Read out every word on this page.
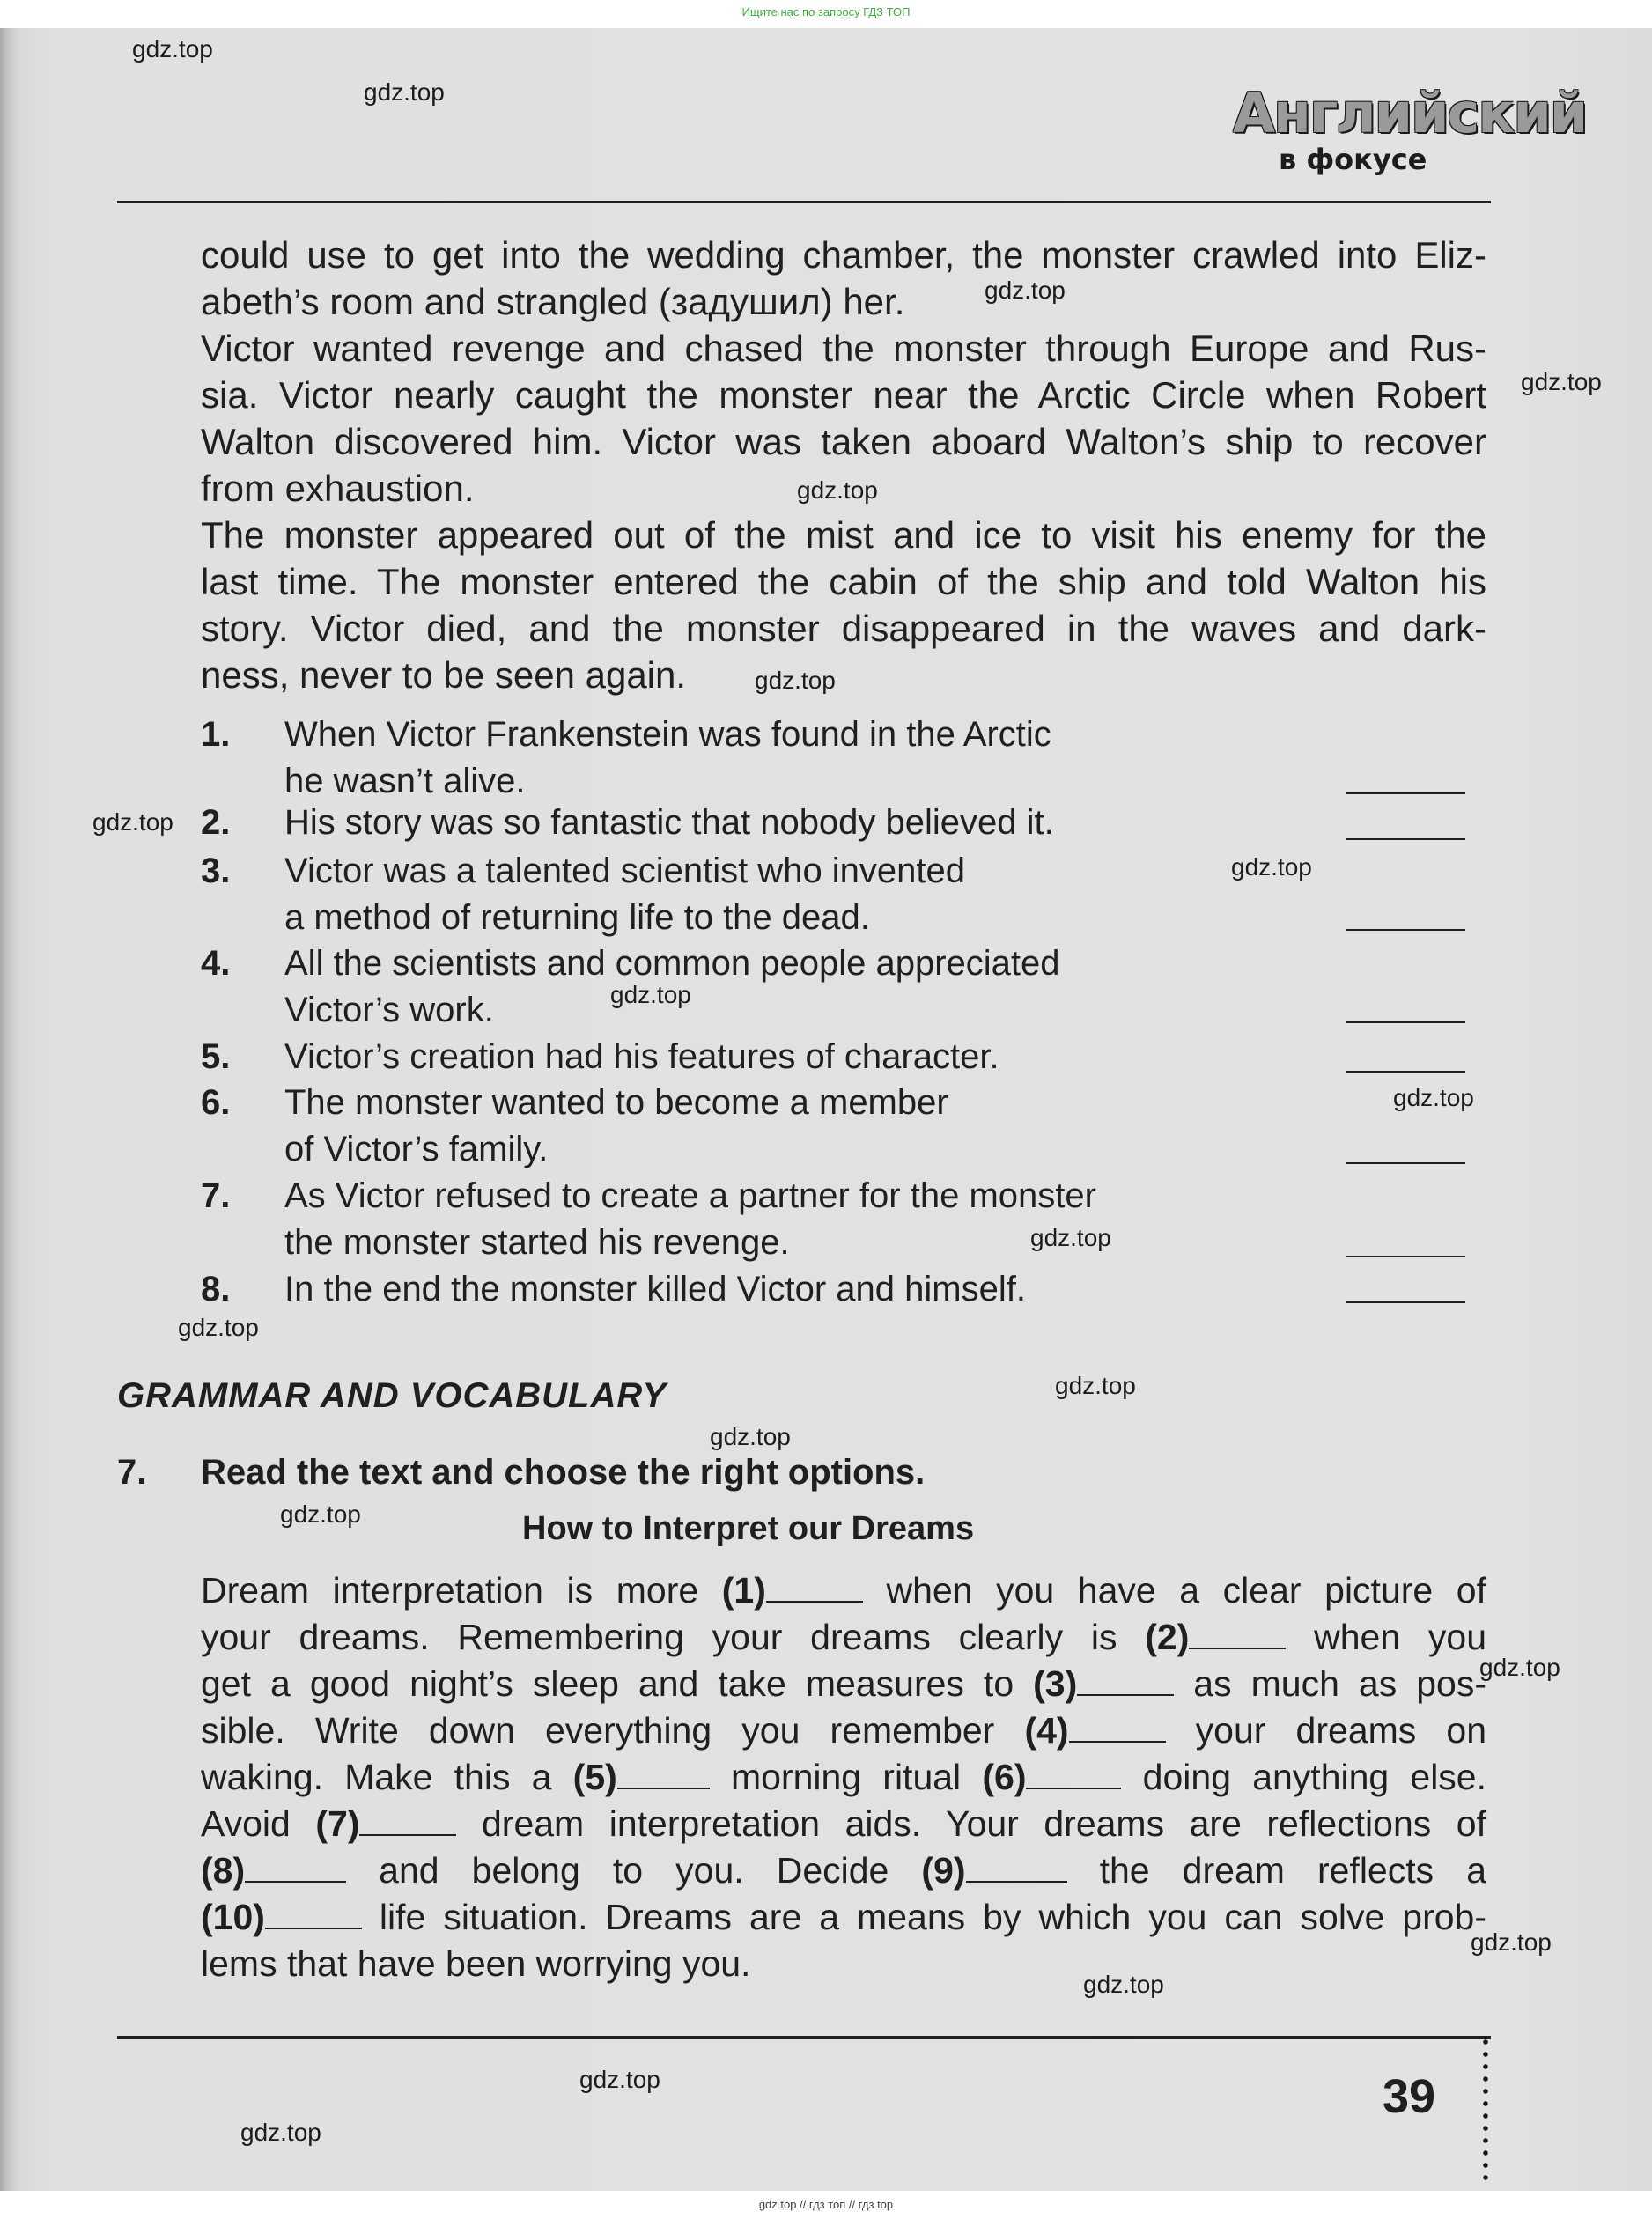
Ищите нас по запросу ГДЗ ТОП
Английский
в фокусе
could use to get into the wedding chamber, the monster crawled into Eliz-
abeth’s room and strangled (задушил) her.
Victor wanted revenge and chased the monster through Europe and Rus-
sia. Victor nearly caught the monster near the Arctic Circle when Robert
Walton discovered him. Victor was taken aboard Walton’s ship to recover
from exhaustion.
The monster appeared out of the mist and ice to visit his enemy for the
last time. The monster entered the cabin of the ship and told Walton his
story. Victor died, and the monster disappeared in the waves and dark-
ness, never to be seen again.
1.	When Victor Frankenstein was found in the Arctic
he wasn’t alive.
2.	His story was so fantastic that nobody believed it.
3.	Victor was a talented scientist who invented
a method of returning life to the dead.
4.	All the scientists and common people appreciated
Victor’s work.
5.	Victor’s creation had his features of character.
6.	The monster wanted to become a member
of Victor’s family.
7.	As Victor refused to create a partner for the monster
the monster started his revenge.
8.	In the end the monster killed Victor and himself.
GRAMMAR AND VOCABULARY
7. Read the text and choose the right options.
How to Interpret our Dreams
Dream interpretation is more (1)	when you have a clear picture of
your dreams. Remembering your dreams clearly is (2)	when you
get a good night’s sleep and take measures to (3)	as much as pos-
sible. Write down everything you remember (4)	your dreams on
waking. Make this a (5)	morning ritual (6)	doing anything else.
Avoid (7)	dream interpretation aids. Your dreams are reflections of
(8)	and belong to you. Decide (9)	the dream reflects a
(10)	life situation. Dreams are a means by which you can solve prob-
lems that have been worrying you.
39
gdz.top
gdz.top
gdz.top
gdz.top
gdz.top
gdz.top
gdz.top
gdz.top
gdz.top
gdz.top
gdz.top
gdz.top
gdz.top
gdz.top
gdz.top
gdz.top
gdz.top
gdz.top
gdz.top
gdz.top
gdz top // гдз топ // гдз top
